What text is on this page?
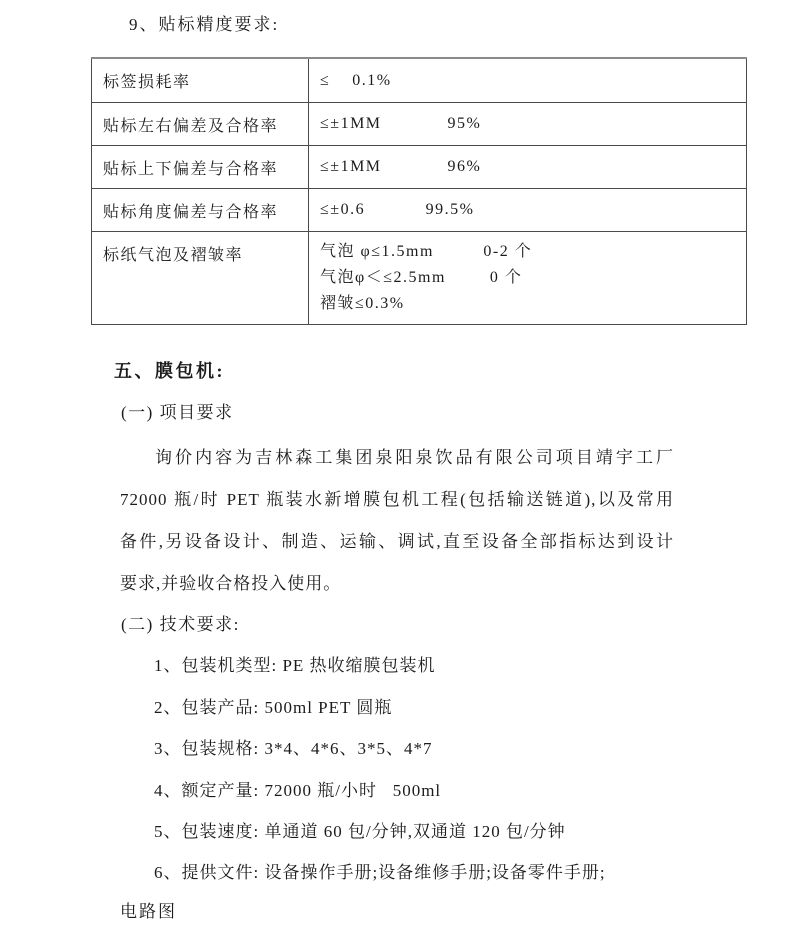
9、贴标精度要求:
标签损耗率	≤    0.1%
贴标左右偏差及合格率	≤±1MM            95%
贴标上下偏差与合格率	≤±1MM            96%
贴标角度偏差与合格率	≤±0.6           99.5%
标纸气泡及褶皱率	气泡 φ≤1.5mm         0-2 个
气泡φ＜≤2.5mm        0 个
褶皱≤0.3%
五、膜包机:
(一) 项目要求
询价内容为吉林森工集团泉阳泉饮品有限公司项目靖宇工厂
72000 瓶/时 PET 瓶装水新增膜包机工程(包括输送链道),以及常用
备件,另设备设计、制造、运输、调试,直至设备全部指标达到设计
要求,并验收合格投入使用。
(二) 技术要求:
1、包装机类型: PE 热收缩膜包装机
2、包装产品: 500ml PET 圆瓶
3、包装规格: 3*4、4*6、3*5、4*7
4、额定产量: 72000 瓶/小时   500ml
5、包装速度: 单通道 60 包/分钟,双通道 120 包/分钟
6、提供文件: 设备操作手册;设备维修手册;设备零件手册;
电路图
